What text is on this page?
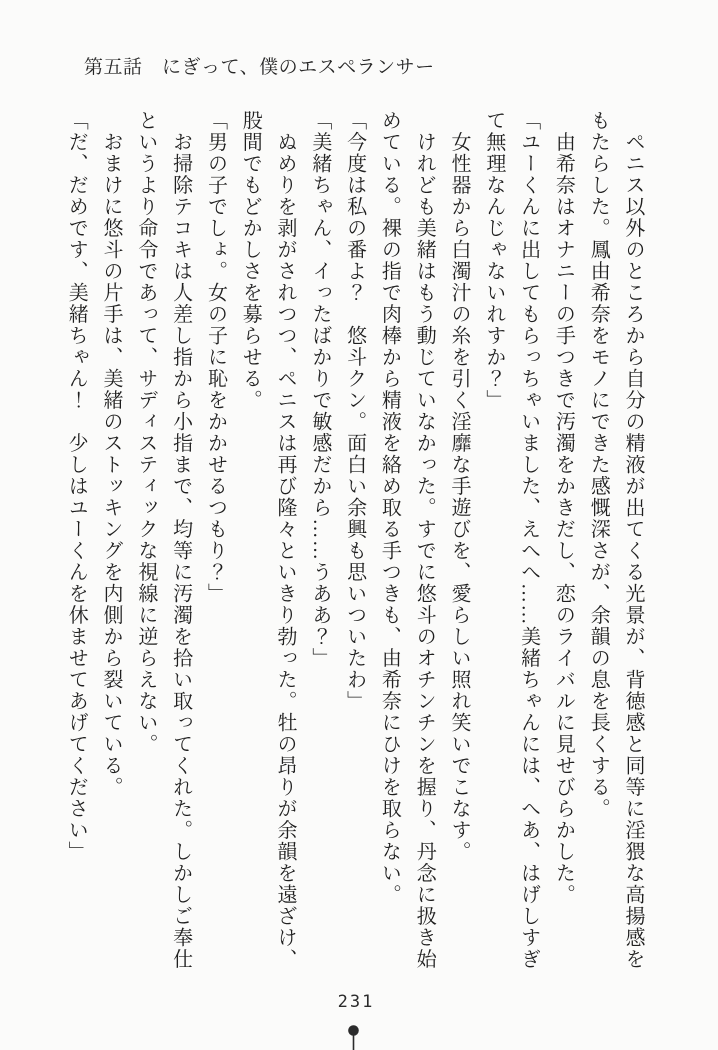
第五話　にぎって、僕のエスペランサー

　ペニス以外のところから自分の精液が出てくる光景が、背徳感と同等に淫猥な高揚感をもたらした。鳳由希奈をモノにできた感慨深さが、余韻の息を長くする。

　由希奈はオナニーの手つきで汚濁をかきだし、恋のライバルに見せびらかした。

「ユーくんに出してもらっちゃいました、えへへ……美緒ちゃんには、へあ、はげしすぎて無理なんじゃないれすか？」

　女性器から白濁汁の糸を引く淫靡な手遊びを、愛らしい照れ笑いでこなす。

　けれども美緒はもう動じていなかった。すでに悠斗のオチンチンを握り、丹念に扱き始めている。裸の指で肉棒から精液を絡め取る手つきも、由希奈にひけを取らない。

「今度は私の番よ？　悠斗クン。面白い余興も思いついたわ」

「美緒ちゃん、イったばかりで敏感だから……うああ？」

　ぬめりを剥がされつつ、ペニスは再び隆々といきり勃った。牡の昂りが余韻を遠ざけ、股間でもどかしさを募らせる。

「男の子でしょ。女の子に恥をかかせるつもり？」

　お掃除テコキは人差し指から小指まで、均等に汚濁を拾い取ってくれた。しかしご奉仕というより命令であって、サディスティックな視線に逆らえない。

　おまけに悠斗の片手は、美緒のストッキングを内側から裂いている。

「だ、だめです、美緒ちゃん！　少しはユーくんを休ませてあげてください」

231
